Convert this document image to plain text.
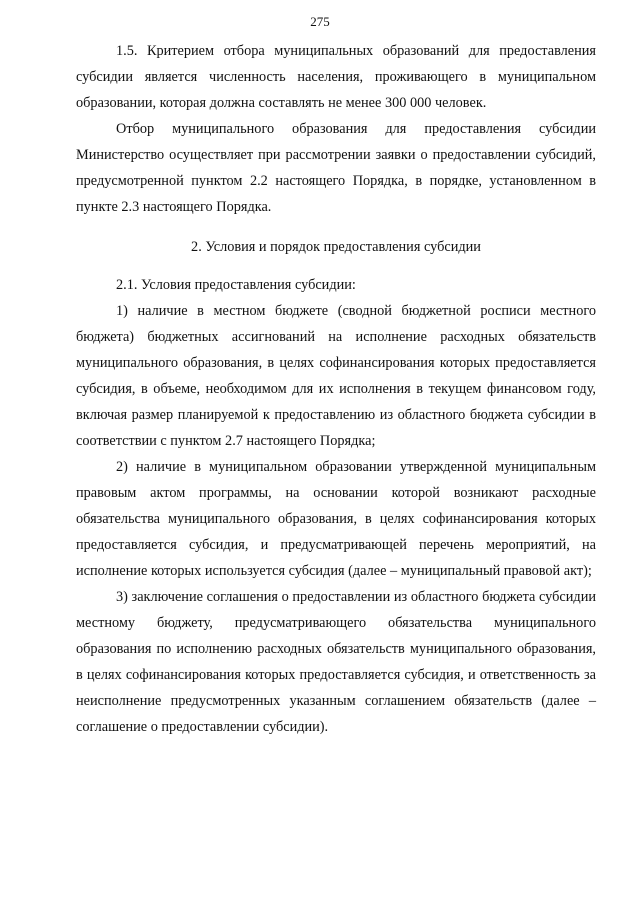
275

1.5. Критерием отбора муниципальных образований для предоставления субсидии является численность населения, проживающего в муниципальном образовании, которая должна составлять не менее 300 000 человек.

Отбор муниципального образования для предоставления субсидии Министерство осуществляет при рассмотрении заявки о предоставлении субсидий, предусмотренной пунктом 2.2 настоящего Порядка, в порядке, установленном в пункте 2.3 настоящего Порядка.

2. Условия и порядок предоставления субсидии

2.1. Условия предоставления субсидии:

1) наличие в местном бюджете (сводной бюджетной росписи местного бюджета) бюджетных ассигнований на исполнение расходных обязательств муниципального образования, в целях софинансирования которых предоставляется субсидия, в объеме, необходимом для их исполнения в текущем финансовом году, включая размер планируемой к предоставлению из областного бюджета субсидии в соответствии с пунктом 2.7 настоящего Порядка;

2) наличие в муниципальном образовании утвержденной муниципальным правовым актом программы, на основании которой возникают расходные обязательства муниципального образования, в целях софинансирования которых предоставляется субсидия, и предусматривающей перечень мероприятий, на исполнение которых используется субсидия (далее – муниципальный правовой акт);

3) заключение соглашения о предоставлении из областного бюджета субсидии местному бюджету, предусматривающего обязательства муниципального образования по исполнению расходных обязательств муниципального образования, в целях софинансирования которых предоставляется субсидия, и ответственность за неисполнение предусмотренных указанным соглашением обязательств (далее – соглашение о предоставлении субсидии).
